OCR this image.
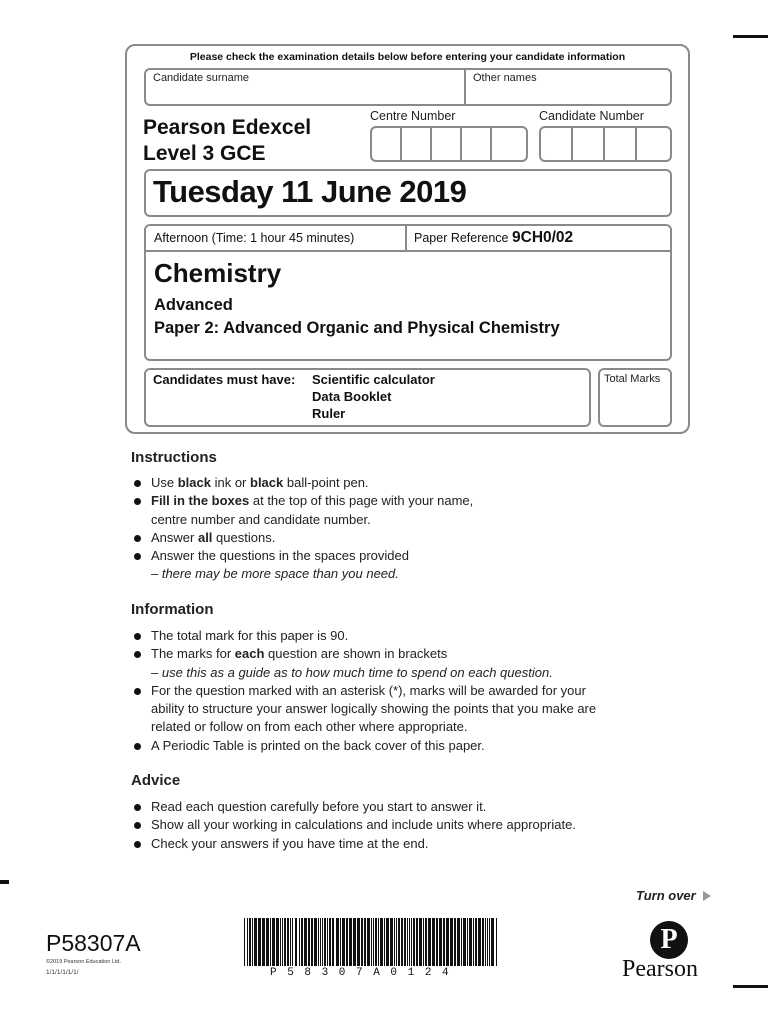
Please check the examination details below before entering your candidate information
Candidate surname	Other names
Pearson Edexcel
Level 3 GCE
Centre Number	Candidate Number
Tuesday 11 June 2019
Afternoon (Time: 1 hour 45 minutes)	Paper Reference 9CH0/02
Chemistry
Advanced
Paper 2: Advanced Organic and Physical Chemistry
Candidates must have: Scientific calculator
Data Booklet
Ruler
Total Marks
Instructions
Use black ink or black ball-point pen.
Fill in the boxes at the top of this page with your name,
centre number and candidate number.
Answer all questions.
Answer the questions in the spaces provided
– there may be more space than you need.
Information
The total mark for this paper is 90.
The marks for each question are shown in brackets
– use this as a guide as to how much time to spend on each question.
For the question marked with an asterisk (*), marks will be awarded for your
ability to structure your answer logically showing the points that you make are
related or follow on from each other where appropriate.
A Periodic Table is printed on the back cover of this paper.
Advice
Read each question carefully before you start to answer it.
Show all your working in calculations and include units where appropriate.
Check your answers if you have time at the end.
Turn over
P58307A
©2019 Pearson Education Ltd.
1/1/1/1/1/1/	P 5 8 3 0 7 A 0 1 2 4
P
Pearson
